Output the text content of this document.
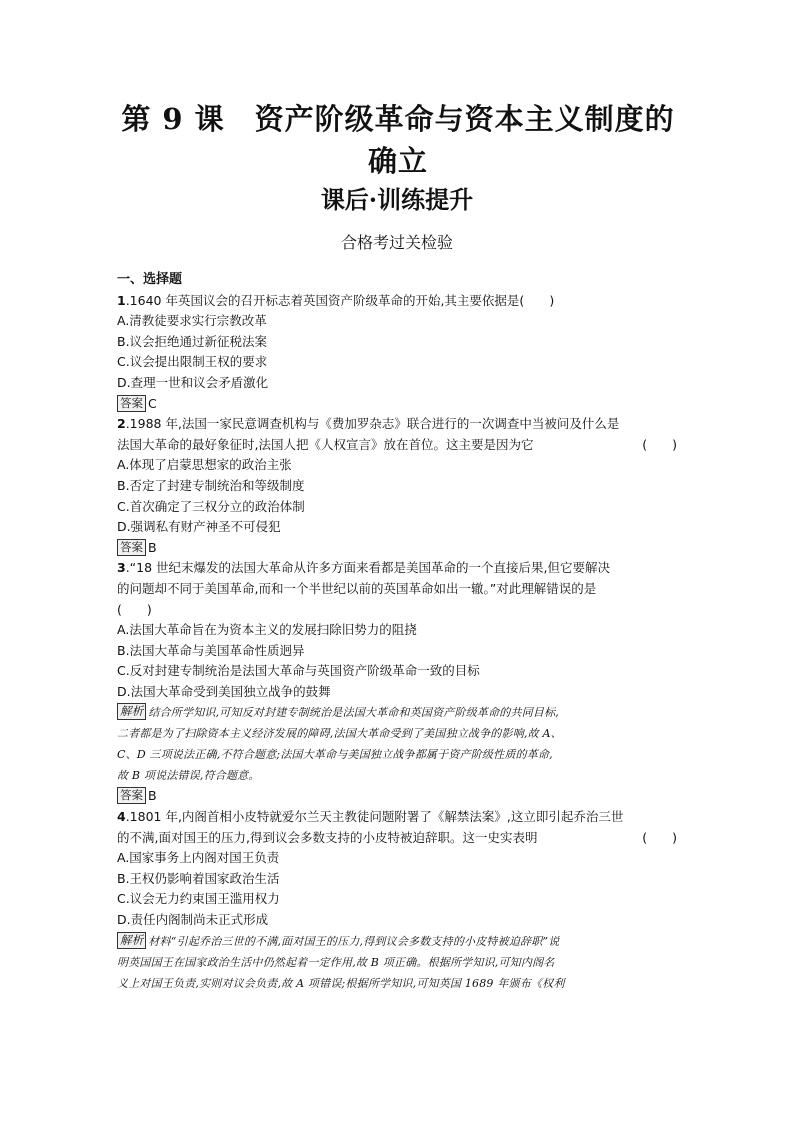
第 9 课　资产阶级革命与资本主义制度的
确立
课后·训练提升
合格考过关检验
一、选择题
1.1640 年英国议会的召开标志着英国资产阶级革命的开始,其主要依据是(　　)
A.清教徒要求实行宗教改革
B.议会拒绝通过新征税法案
C.议会提出限制王权的要求
D.查理一世和议会矛盾激化
答案 C
2.1988 年,法国一家民意调查机构与《费加罗杂志》联合进行的一次调查中当被问及什么是
法国大革命的最好象征时,法国人把《人权宣言》放在首位。这主要是因为它	(　　)
A.体现了启蒙思想家的政治主张
B.否定了封建专制统治和等级制度
C.首次确定了三权分立的政治体制
D.强调私有财产神圣不可侵犯
答案 B
3.“18 世纪末爆发的法国大革命从许多方面来看都是美国革命的一个直接后果,但它要解决
的问题却不同于美国革命,而和一个半世纪以前的英国革命如出一辙。”对此理解错误的是
(　　)
A.法国大革命旨在为资本主义的发展扫除旧势力的阻挠
B.法国大革命与美国革命性质迥异
C.反对封建专制统治是法国大革命与英国资产阶级革命一致的目标
D.法国大革命受到美国独立战争的鼓舞
解析 结合所学知识,可知反对封建专制统治是法国大革命和英国资产阶级革命的共同目标,
二者都是为了扫除资本主义经济发展的障碍,法国大革命受到了美国独立战争的影响,故 A、
C、D 三项说法正确,不符合题意;法国大革命与美国独立战争都属于资产阶级性质的革命,
故 B 项说法错误,符合题意。
答案 B
4.1801 年,内阁首相小皮特就爱尔兰天主教徒问题附署了《解禁法案》,这立即引起乔治三世
的不满,面对国王的压力,得到议会多数支持的小皮特被迫辞职。这一史实表明	(　　)
A.国家事务上内阁对国王负责
B.王权仍影响着国家政治生活
C.议会无力约束国王滥用权力
D.责任内阁制尚未正式形成
解析 材料“引起乔治三世的不满,面对国王的压力,得到议会多数支持的小皮特被迫辞职”说
明英国国王在国家政治生活中仍然起着一定作用,故 B 项正确。根据所学知识,可知内阁名
义上对国王负责,实则对议会负责,故 A 项错误;根据所学知识,可知英国 1689 年颁布《权利
